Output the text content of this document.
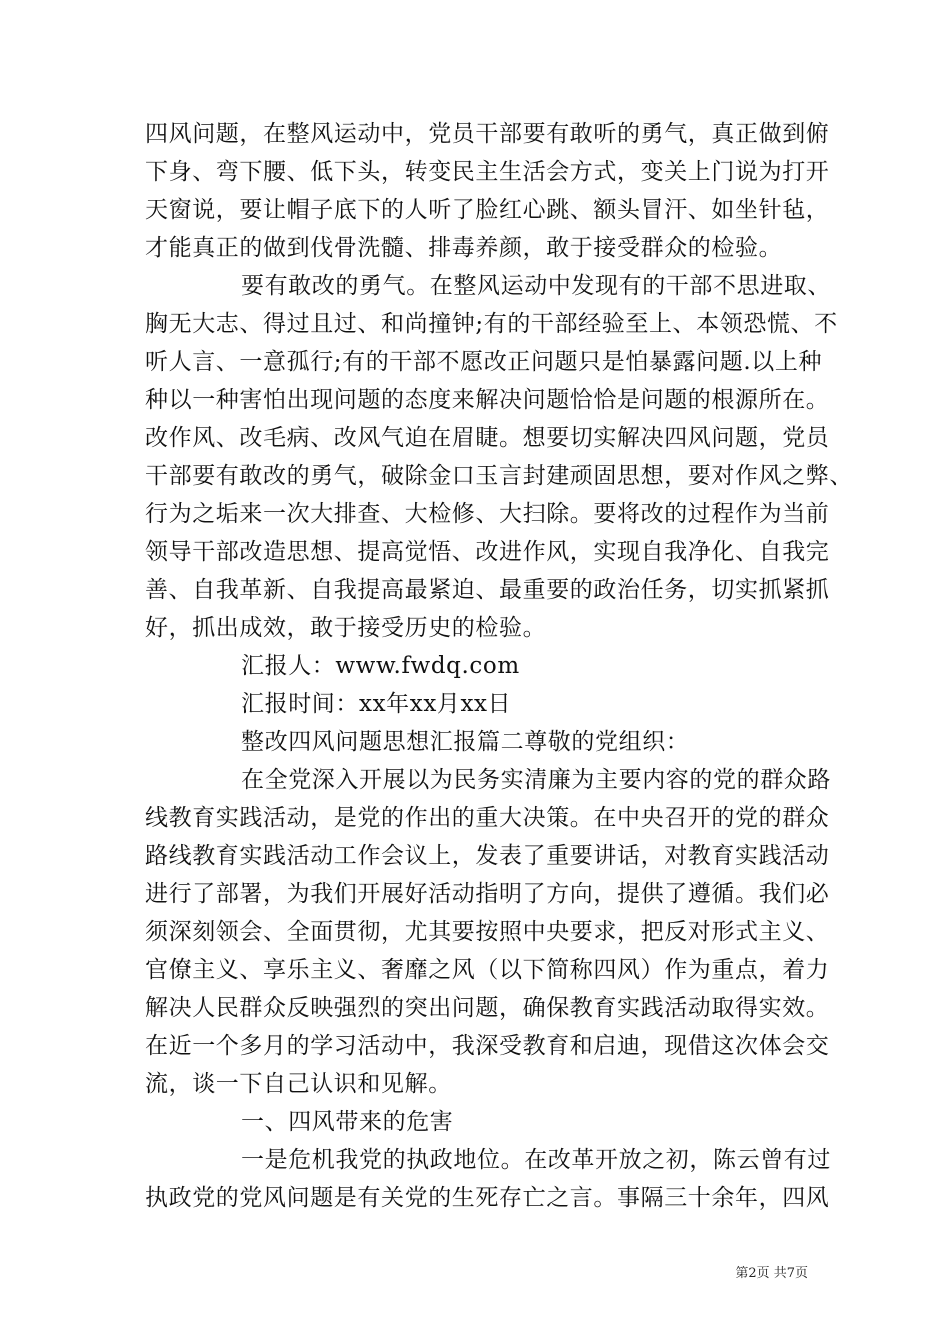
四风问题，在整风运动中，党员干部要有敢听的勇气，真正做到俯
下身、弯下腰、低下头，转变民主生活会方式，变关上门说为打开
天窗说，要让帽子底下的人听了脸红心跳、额头冒汗、如坐针毡，
才能真正的做到伐骨洗髓、排毒养颜，敢于接受群众的检验。
要有敢改的勇气。在整风运动中发现有的干部不思进取、
胸无大志、得过且过、和尚撞钟;有的干部经验至上、本领恐慌、不
听人言、一意孤行;有的干部不愿改正问题只是怕暴露问题.以上种
种以一种害怕出现问题的态度来解决问题恰恰是问题的根源所在。
改作风、改毛病、改风气迫在眉睫。想要切实解决四风问题，党员
干部要有敢改的勇气，破除金口玉言封建顽固思想，要对作风之弊、
行为之垢来一次大排查、大检修、大扫除。要将改的过程作为当前
领导干部改造思想、提高觉悟、改进作风，实现自我净化、自我完
善、自我革新、自我提高最紧迫、最重要的政治任务，切实抓紧抓
好，抓出成效，敢于接受历史的检验。
汇报人：www.fwdq.com
汇报时间：xx年xx月xx日
整改四风问题思想汇报篇二尊敬的党组织：
在全党深入开展以为民务实清廉为主要内容的党的群众路
线教育实践活动，是党的作出的重大决策。在中央召开的党的群众
路线教育实践活动工作会议上，发表了重要讲话，对教育实践活动
进行了部署，为我们开展好活动指明了方向，提供了遵循。我们必
须深刻领会、全面贯彻，尤其要按照中央要求，把反对形式主义、
官僚主义、享乐主义、奢靡之风（以下简称四风）作为重点，着力
解决人民群众反映强烈的突出问题，确保教育实践活动取得实效。
在近一个多月的学习活动中，我深受教育和启迪，现借这次体会交
流，谈一下自己认识和见解。
一、四风带来的危害
一是危机我党的执政地位。在改革开放之初，陈云曾有过
执政党的党风问题是有关党的生死存亡之言。事隔三十余年，四风
第2页 共7页
